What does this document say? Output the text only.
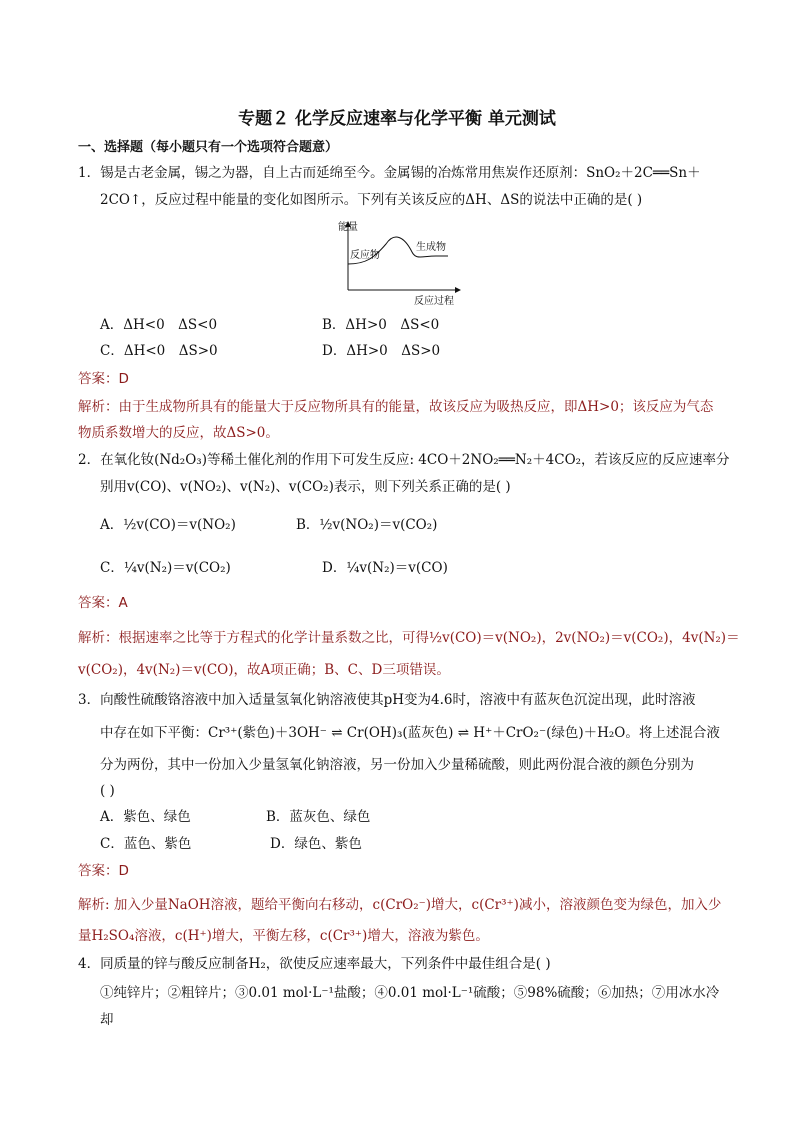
专题２ 化学反应速率与化学平衡 单元测试
一、选择题（每小题只有一个选项符合题意）
1．锡是古老金属，锡之为器，自上古而延绵至今。金属锡的冶炼常用焦炭作还原剂：SnO₂＋2C══Sn＋
2CO↑，反应过程中能量的变化如图所示。下列有关该反应的ΔH、ΔS的说法中正确的是( )
能量
反应物
生成物
反应过程
A．ΔH<0　ΔS<0	B．ΔH>0　ΔS<0
C．ΔH<0　ΔS>0	D．ΔH>0　ΔS>0
答案：D
解析：由于生成物所具有的能量大于反应物所具有的能量，故该反应为吸热反应，即ΔH>0；该反应为气态
物质系数增大的反应，故ΔS>0。
2．在氧化钕(Nd₂O₃)等稀土催化剂的作用下可发生反应: 4CO＋2NO₂══N₂＋4CO₂，若该反应的反应速率分
别用v(CO)、v(NO₂)、v(N₂)、v(CO₂)表示，则下列关系正确的是( )
A．½v(CO)＝v(NO₂)	B．½v(NO₂)＝v(CO₂)
C．¼v(N₂)＝v(CO₂)	D．¼v(N₂)＝v(CO)
答案：A
解析：根据速率之比等于方程式的化学计量系数之比，可得½v(CO)＝v(NO₂)，2v(NO₂)＝v(CO₂)，4v(N₂)＝
v(CO₂)，4v(N₂)＝v(CO)，故A项正确；B、C、D三项错误。
3．向酸性硫酸铬溶液中加入适量氢氧化钠溶液使其pH变为4.6时，溶液中有蓝灰色沉淀出现，此时溶液
中存在如下平衡：Cr³⁺(紫色)＋3OH⁻ ⇌ Cr(OH)₃(蓝灰色) ⇌ H⁺＋CrO₂⁻(绿色)＋H₂O。将上述混合液
分为两份，其中一份加入少量氢氧化钠溶液，另一份加入少量稀硫酸，则此两份混合液的颜色分别为
( )
A．紫色、绿色	B．蓝灰色、绿色
C．蓝色、紫色	D．绿色、紫色
答案：D
解析: 加入少量NaOH溶液，题给平衡向右移动，c(CrO₂⁻)增大，c(Cr³⁺)减小，溶液颜色变为绿色，加入少
量H₂SO₄溶液，c(H⁺)增大，平衡左移，c(Cr³⁺)增大，溶液为紫色。
4．同质量的锌与酸反应制备H₂，欲使反应速率最大，下列条件中最佳组合是( )
①纯锌片；②粗锌片；③0.01 mol·L⁻¹盐酸；④0.01 mol·L⁻¹硫酸；⑤98%硫酸；⑥加热；⑦用冰水冷
却
